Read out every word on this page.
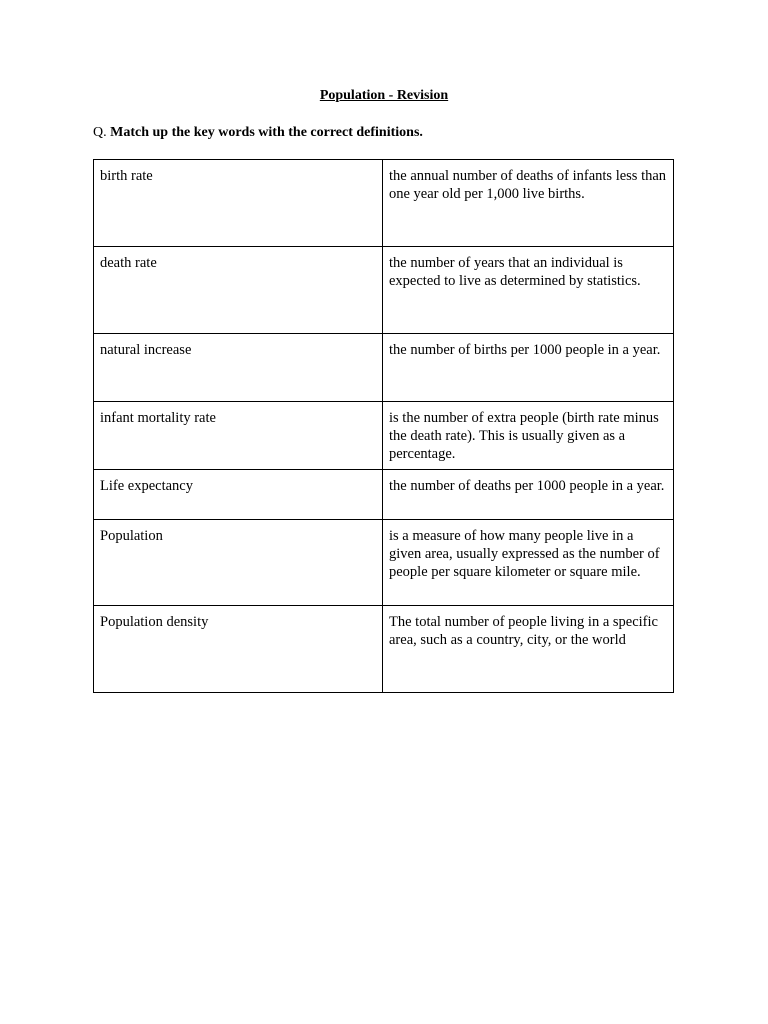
Population - Revision
Q. Match up the key words with the correct definitions.
birth rate	the annual number of deaths of infants less than one year old per 1,000 live births.
death rate	the number of years that an individual is expected to live as determined by statistics.
natural increase	the number of births per 1000 people in a year.
infant mortality rate	is the number of extra people (birth rate minus the death rate). This is usually given as a percentage.
Life expectancy	the number of deaths per 1000 people in a year.
Population	is a measure of how many people live in a given area, usually expressed as the number of people per square kilometer or square mile.
Population density	The total number of people living in a specific area, such as a country, city, or the world
